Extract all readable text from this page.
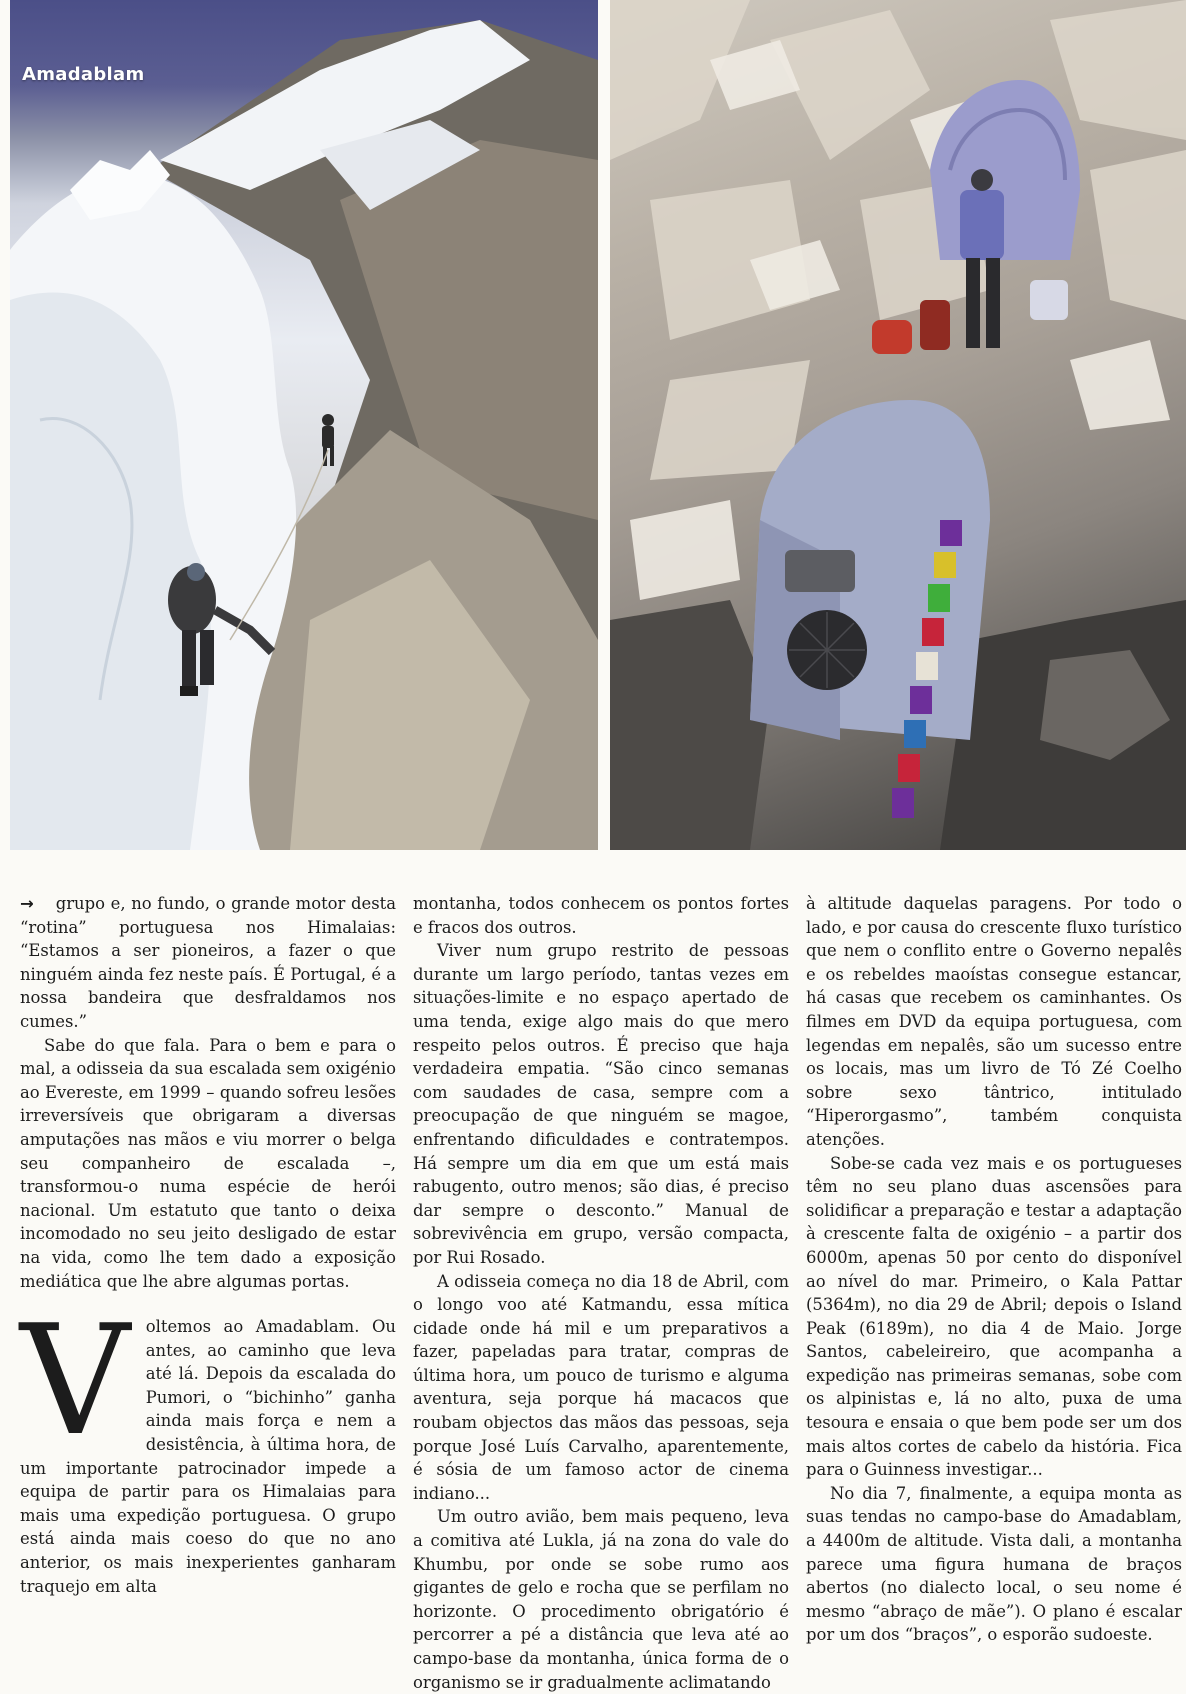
Amadablam

→ grupo e, no fundo, o grande motor desta “rotina” portuguesa nos Himalaias: “Estamos a ser pioneiros, a fazer o que ninguém ainda fez neste país. É Portugal, é a nossa bandeira que desfraldamos nos cumes.”

Sabe do que fala. Para o bem e para o mal, a odisseia da sua escalada sem oxigénio ao Evereste, em 1999 – quando sofreu lesões irreversíveis que obrigaram a diversas amputações nas mãos e viu morrer o belga seu companheiro de escalada –, transformou-o numa espécie de herói nacional. Um estatuto que tanto o deixa incomodado no seu jeito desligado de estar na vida, como lhe tem dado a exposição mediática que lhe abre algumas portas.

Voltemos ao Amadablam. Ou antes, ao caminho que leva até lá. Depois da escalada do Pumori, o “bichinho” ganha ainda mais força e nem a desistência, à última hora, de um importante patrocinador impede a equipa de partir para os Himalaias para mais uma expedição portuguesa. O grupo está ainda mais coeso do que no ano anterior, os mais inexperientes ganharam traquejo em alta

montanha, todos conhecem os pontos fortes e fracos dos outros.

Viver num grupo restrito de pessoas durante um largo período, tantas vezes em situações-limite e no espaço apertado de uma tenda, exige algo mais do que mero respeito pelos outros. É preciso que haja verdadeira empatia. “São cinco semanas com saudades de casa, sempre com a preocupação de que ninguém se magoe, enfrentando dificuldades e contratempos. Há sempre um dia em que um está mais rabugento, outro menos; são dias, é preciso dar sempre o desconto.” Manual de sobrevivência em grupo, versão compacta, por Rui Rosado.

A odisseia começa no dia 18 de Abril, com o longo voo até Katmandu, essa mítica cidade onde há mil e um preparativos a fazer, papeladas para tratar, compras de última hora, um pouco de turismo e alguma aventura, seja porque há macacos que roubam objectos das mãos das pessoas, seja porque José Luís Carvalho, aparentemente, é sósia de um famoso actor de cinema indiano...

Um outro avião, bem mais pequeno, leva a comitiva até Lukla, já na zona do vale do Khumbu, por onde se sobe rumo aos gigantes de gelo e rocha que se perfilam no horizonte. O procedimento obrigatório é percorrer a pé a distância que leva até ao campo-base da montanha, única forma de o organismo se ir gradualmente aclimatando

à altitude daquelas paragens. Por todo o lado, e por causa do crescente fluxo turístico que nem o conflito entre o Governo nepalês e os rebeldes maoístas consegue estancar, há casas que recebem os caminhantes. Os filmes em DVD da equipa portuguesa, com legendas em nepalês, são um sucesso entre os locais, mas um livro de Tó Zé Coelho sobre sexo tântrico, intitulado “Hiperorgasmo”, também conquista atenções.

Sobe-se cada vez mais e os portugueses têm no seu plano duas ascensões para solidificar a preparação e testar a adaptação à crescente falta de oxigénio – a partir dos 6000m, apenas 50 por cento do disponível ao nível do mar. Primeiro, o Kala Pattar (5364m), no dia 29 de Abril; depois o Island Peak (6189m), no dia 4 de Maio. Jorge Santos, cabeleireiro, que acompanha a expedição nas primeiras semanas, sobe com os alpinistas e, lá no alto, puxa de uma tesoura e ensaia o que bem pode ser um dos mais altos cortes de cabelo da história. Fica para o Guinness investigar...

No dia 7, finalmente, a equipa monta as suas tendas no campo-base do Amadablam, a 4400m de altitude. Vista dali, a montanha parece uma figura humana de braços abertos (no dialecto local, o seu nome é mesmo “abraço de mãe”). O plano é escalar por um dos “braços”, o esporão sudoeste.
